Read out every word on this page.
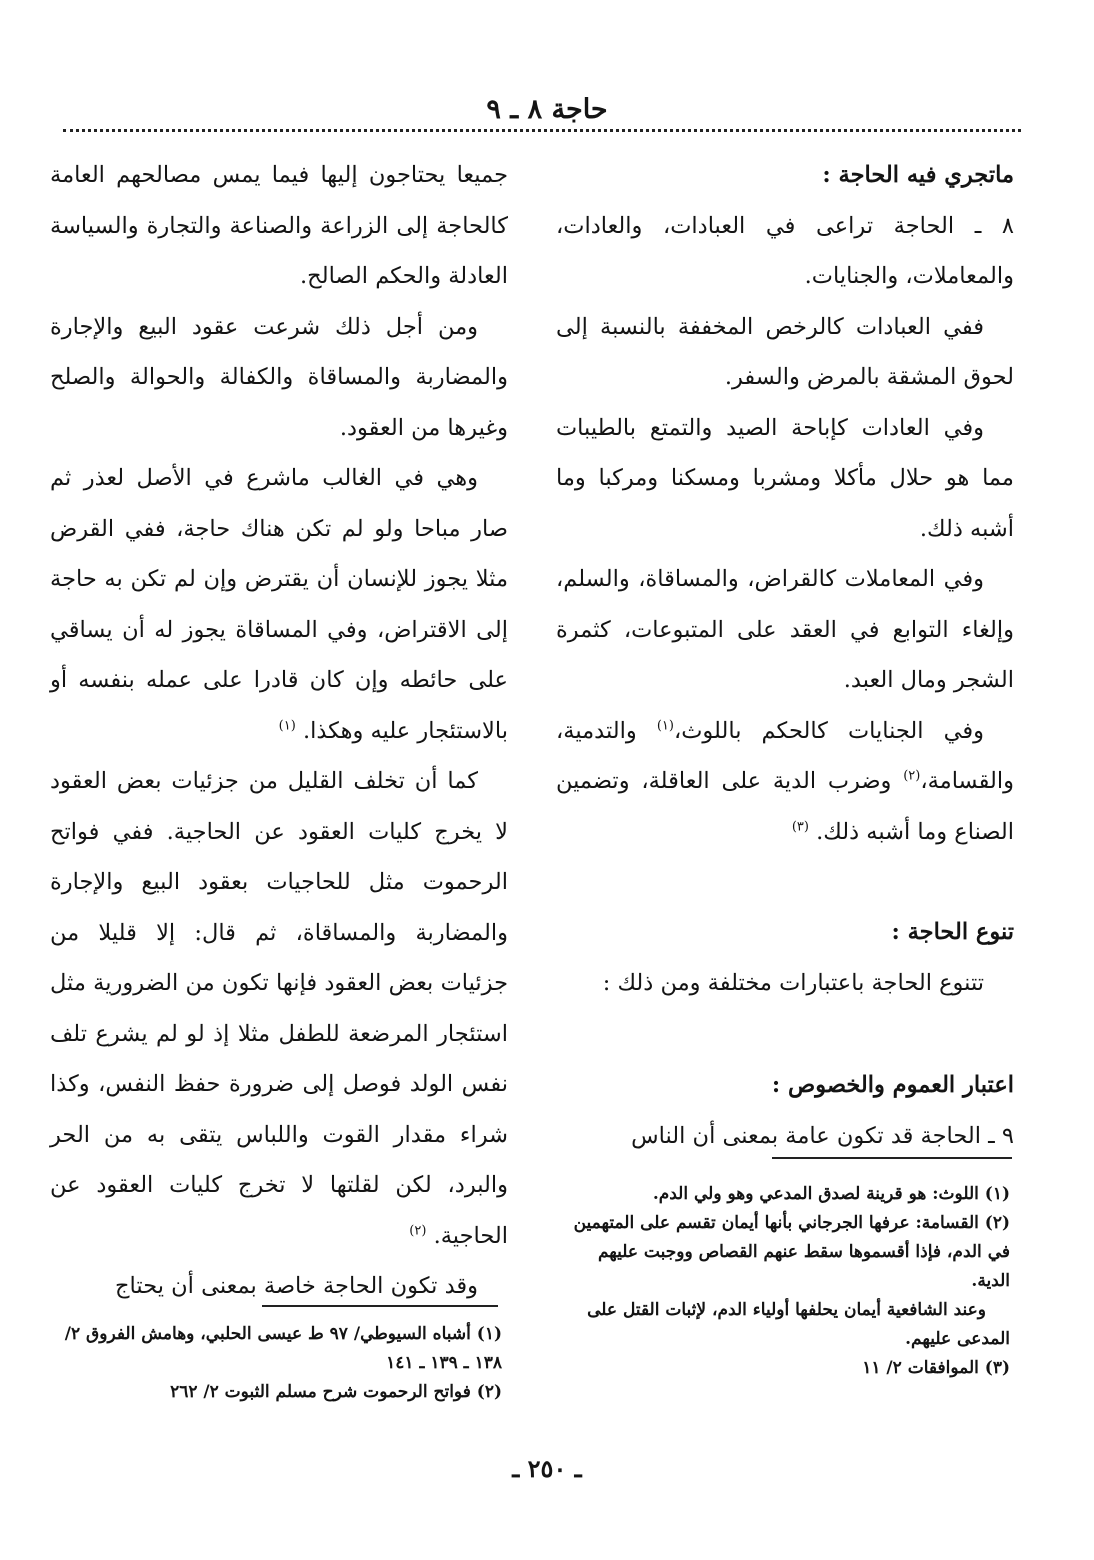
حاجة ٨ ـ ٩

ماتجري فيه الحاجة :

٨ ـ الحاجة تراعى في العبادات، والعادات، والمعاملات، والجنايات.

ففي العبادات كالرخص المخففة بالنسبة إلى لحوق المشقة بالمرض والسفر.

وفي العادات كإباحة الصيد والتمتع بالطيبات مما هو حلال مأكلا ومشربا ومسكنا ومركبا وما أشبه ذلك.

وفي المعاملات كالقراض، والمساقاة، والسلم، وإلغاء التوابع في العقد على المتبوعات، كثمرة الشجر ومال العبد.

وفي الجنايات كالحكم باللوث،$^{(١)}$ والتدمية، والقسامة،$^{(٢)}$ وضرب الدية على العاقلة، وتضمين الصناع وما أشبه ذلك. $^{(٣)}$

تنوع الحاجة :

تتنوع الحاجة باعتبارات مختلفة ومن ذلك :

اعتبار العموم والخصوص :

٩ ـ الحاجة قد تكون عامة بمعنى أن الناس

جميعا يحتاجون إليها فيما يمس مصالحهم العامة كالحاجة إلى الزراعة والصناعة والتجارة والسياسة العادلة والحكم الصالح.

ومن أجل ذلك شرعت عقود البيع والإجارة والمضاربة والمساقاة والكفالة والحوالة والصلح وغيرها من العقود.

وهي في الغالب ماشرع في الأصل لعذر ثم صار مباحا ولو لم تكن هناك حاجة، ففي القرض مثلا يجوز للإنسان أن يقترض وإن لم تكن به حاجة إلى الاقتراض، وفي المساقاة يجوز له أن يساقي على حائطه وإن كان قادرا على عمله بنفسه أو بالاستئجار عليه وهكذا. $^{(١)}$

كما أن تخلف القليل من جزئيات بعض العقود لا يخرج كليات العقود عن الحاجية. ففي فواتح الرحموت مثل للحاجيات بعقود البيع والإجارة والمضاربة والمساقاة، ثم قال: إلا قليلا من جزئيات بعض العقود فإنها تكون من الضرورية مثل استئجار المرضعة للطفل مثلا إذ لو لم يشرع تلف نفس الولد فوصل إلى ضرورة حفظ النفس، وكذا شراء مقدار القوت واللباس يتقى به من الحر والبرد، لكن لقلتها لا تخرج كليات العقود عن الحاجية. $^{(٢)}$

وقد تكون الحاجة خاصة بمعنى أن يحتاج

(١) اللوث: هو قرينة لصدق المدعي وهو ولي الدم.

(٢) القسامة: عرفها الجرجاني بأنها أيمان تقسم على المتهمين في الدم، فإذا أقسموها سقط عنهم القصاص ووجبت عليهم الدية.

وعند الشافعية أيمان يحلفها أولياء الدم، لإثبات القتل على المدعى عليهم.

(٣) الموافقات ٢/ ١١

(١) أشباه السيوطي/ ٩٧ ط عيسى الحلبي، وهامش الفروق ٢/ ١٣٨ ـ ١٣٩ ـ ١٤١

(٢) فواتح الرحموت شرح مسلم الثبوت ٢/ ٢٦٢

ـ ٢٥٠ ـ
